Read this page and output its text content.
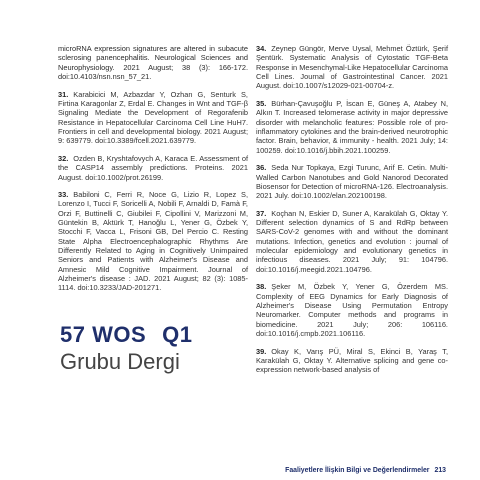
microRNA expression signatures are altered in subacute sclerosing panencephalitis. Neurological Sciences and Neurophysiology. 2021 August; 38 (3): 166-172. doi:10.4103/nsn.nsn_57_21.

31. Karabicici M, Azbazdar Y, Ozhan G, Senturk S, Firtina Karagonlar Z, Erdal E. Changes in Wnt and TGF-β Signaling Mediate the Development of Regorafenib Resistance in Hepatocellular Carcinoma Cell Line HuH7. Frontiers in cell and developmental biology. 2021 August; 9: 639779. doi:10.3389/fcell.2021.639779.

32. Ozden B, Kryshtafovych A, Karaca E. Assessment of the CASP14 assembly predictions. Proteins. 2021 August. doi:10.1002/prot.26199.

33. Babiloni C, Ferri R, Noce G, Lizio R, Lopez S, Lorenzo I, Tucci F, Soricelli A, Nobili F, Arnaldi D, Famà F, Orzi F, Buttinelli C, Giubilei F, Cipollini V, Marizzoni M, Güntekin B, Aktürk T, Hanoğlu L, Yener G, Özbek Y, Stocchi F, Vacca L, Frisoni GB, Del Percio C. Resting State Alpha Electroencephalographic Rhythms Are Differently Related to Aging in Cognitively Unimpaired Seniors and Patients with Alzheimer's Disease and Amnesic Mild Cognitive Impairment. Journal of Alzheimer's disease : JAD. 2021 August; 82 (3): 1085-1114. doi:10.3233/JAD-201271.

57 WOS Q1
Grubu Dergi

34. Zeynep Güngör, Merve Uysal, Mehmet Öztürk, Şerif Şentürk. Systematic Analysis of Cytostatic TGF-Beta Response in Mesenchymal-Like Hepatocellular Carcinoma Cell Lines. Journal of Gastrointestinal Cancer. 2021 August. doi:10.1007/s12029-021-00704-z.

35. Bürhan-Çavuşoğlu P, İscan E, Güneş A, Atabey N, Alkın T. Increased telomerase activity in major depressive disorder with melancholic features: Possible role of pro-inflammatory cytokines and the brain-derived neurotrophic factor. Brain, behavior, & immunity - health. 2021 July; 14: 100259. doi:10.1016/j.bbih.2021.100259.

36. Seda Nur Topkaya, Ezgi Turunc, Arif E. Cetin. Multi-Walled Carbon Nanotubes and Gold Nanorod Decorated Biosensor for Detection of microRNA-126. Electroanalysis. 2021 July. doi:10.1002/elan.202100198.

37. Koçhan N, Eskier D, Suner A, Karakülah G, Oktay Y. Different selection dynamics of S and RdRp between SARS-CoV-2 genomes with and without the dominant mutations. Infection, genetics and evolution : journal of molecular epidemiology and evolutionary genetics in infectious diseases. 2021 July; 91: 104796. doi:10.1016/j.meegid.2021.104796.

38. Şeker M, Özbek Y, Yener G, Özerdem MS. Complexity of EEG Dynamics for Early Diagnosis of Alzheimer's Disease Using Permutation Entropy Neuromarker. Computer methods and programs in biomedicine. 2021 July; 206: 106116. doi:10.1016/j.cmpb.2021.106116.

39. Okay K, Varış PÜ, Miral S, Ekinci B, Yaraş T, Karakülah G, Oktay Y. Alternative splicing and gene co-expression network-based analysis of

Faaliyetlere İlişkin Bilgi ve Değerlendirmeler 213
